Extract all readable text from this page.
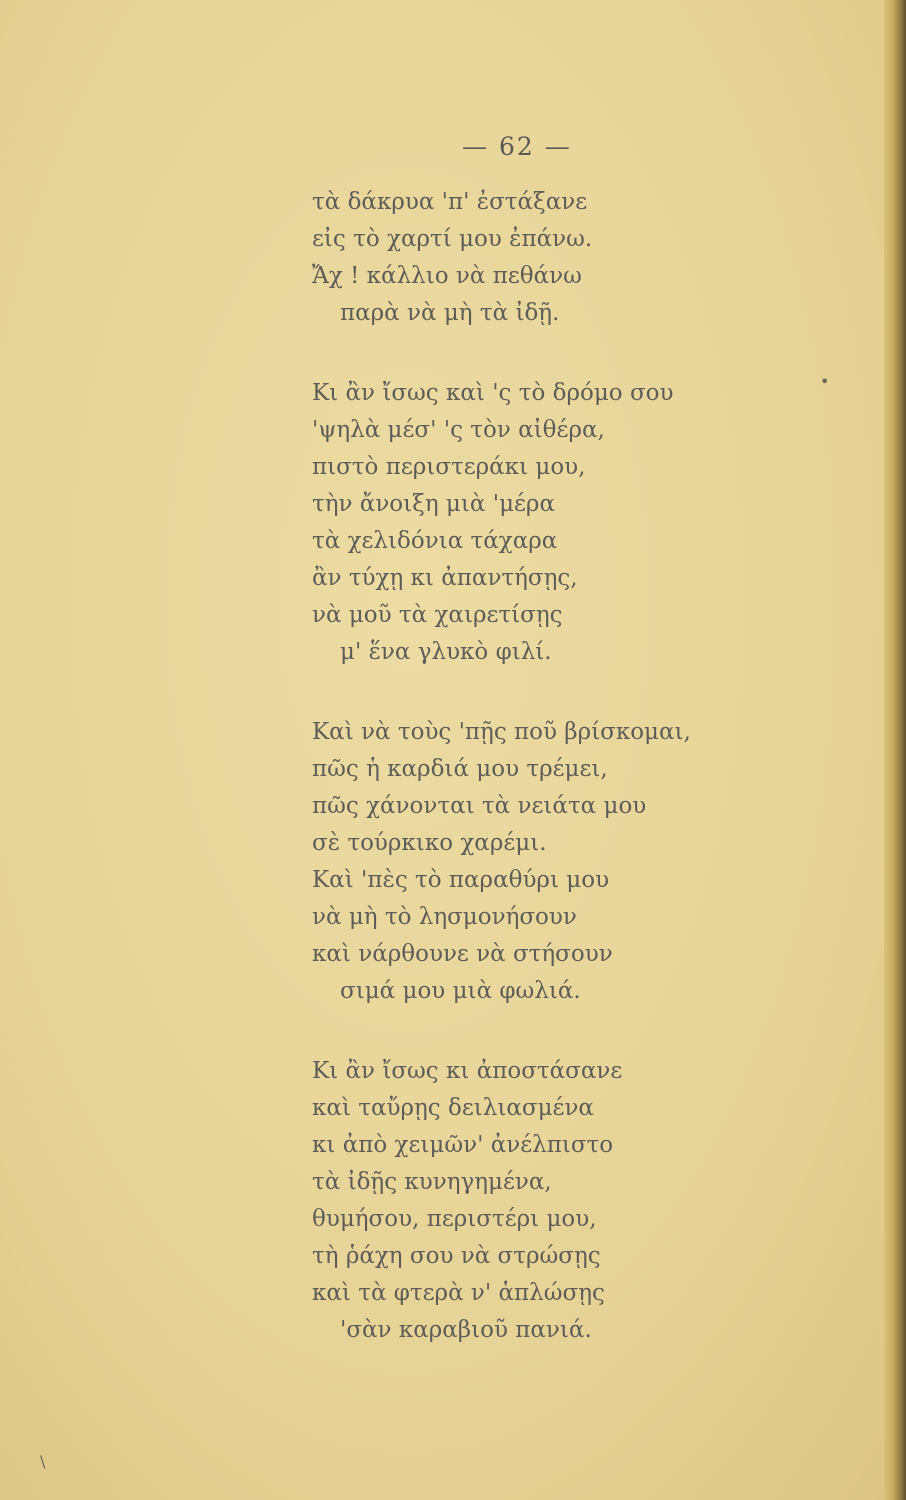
— 62 —
τὰ δάκρυα 'π' ἐστάξανε
εἰς τὸ χαρτί μου ἐπάνω.
Ἄχ ! κάλλιο νὰ πεθάνω
παρὰ νὰ μὴ τὰ ἰδῇ.
Κι ἂν ἴσως καὶ 'ς τὸ δρόμο σου
'ψηλὰ μέσ' 'ς τὸν αἰθέρα,
πιστὸ περιστεράκι μου,
τὴν ἄνοιξη μιὰ 'μέρα
τὰ χελιδόνια τάχαρα
ἂν τύχῃ κι ἀπαντήσῃς,
νὰ μοῦ τὰ χαιρετίσῃς
μ' ἕνα γλυκὸ φιλί.
Καὶ νὰ τοὺς 'πῇς ποῦ βρίσκομαι,
πῶς ἡ καρδιά μου τρέμει,
πῶς χάνονται τὰ νειάτα μου
σὲ τούρκικο χαρέμι.
Καὶ 'πὲς τὸ παραθύρι μου
νὰ μὴ τὸ λησμονήσουν
καὶ νάρθουνε νὰ στήσουν
σιμά μου μιὰ φωλιά.
Κι ἂν ἴσως κι ἀποστάσανε
καὶ ταὔρῃς δειλιασμένα
κι ἀπὸ χειμῶν' ἀνέλπιστο
τὰ ἰδῇς κυνηγημένα,
θυμήσου, περιστέρι μου,
τὴ ῥάχη σου νὰ στρώσῃς
καὶ τὰ φτερὰ ν' ἁπλώσῃς
'σὰν καραβιοῦ πανιά.
•
\
